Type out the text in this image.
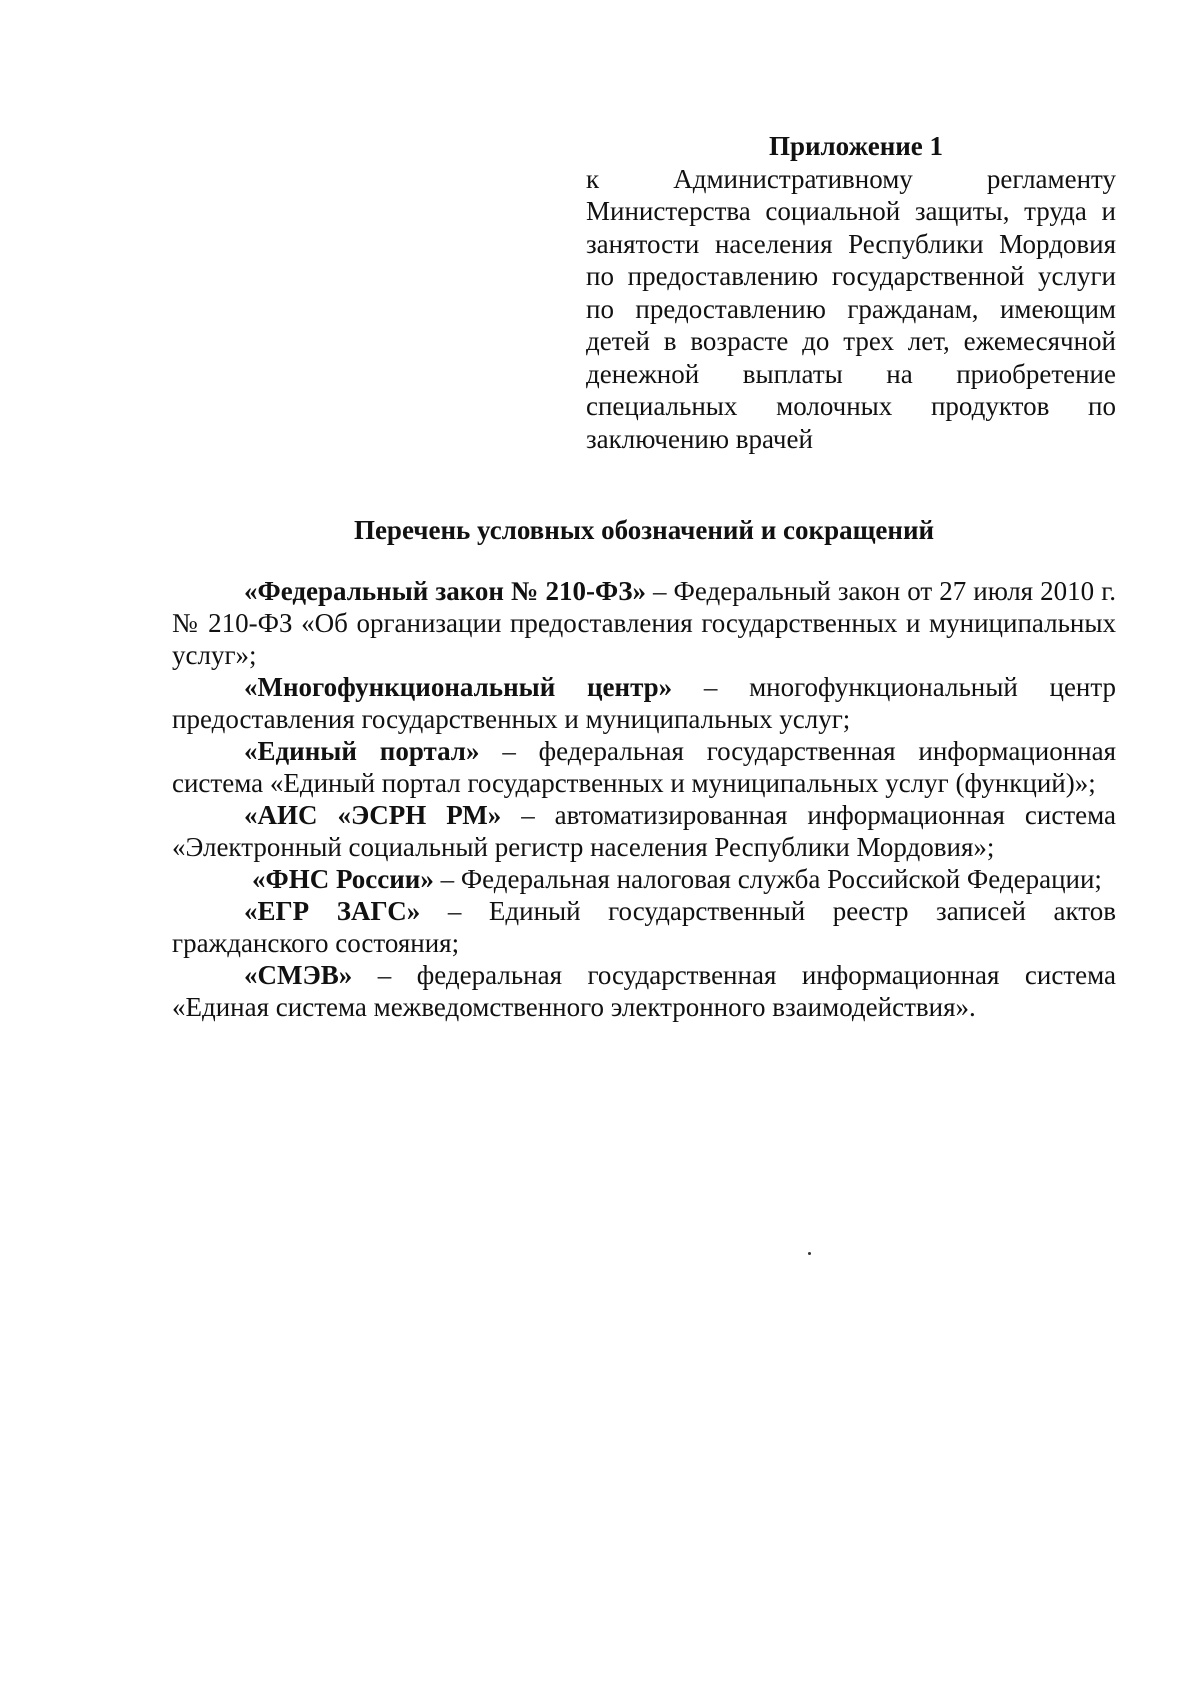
Приложение 1

к Административному регламенту Министерства социальной защиты, труда и занятости населения Республики Мордовия по предоставлению государственной услуги по предоставлению гражданам, имеющим детей в возрасте до трех лет, ежемесячной денежной выплаты на приобретение специальных молочных продуктов по заключению врачей

Перечень условных обозначений и сокращений

«Федеральный закон № 210-ФЗ» – Федеральный закон от 27 июля 2010 г. № 210-ФЗ «Об организации предоставления государственных и муниципальных услуг»;

«Многофункциональный центр» – многофункциональный центр предоставления государственных и муниципальных услуг;

«Единый портал» – федеральная государственная информационная система «Единый портал государственных и муниципальных услуг (функций)»;

«АИС «ЭСРН РМ» – автоматизированная информационная система «Электронный социальный регистр населения Республики Мордовия»;

«ФНС России» – Федеральная налоговая служба Российской Федерации;

«ЕГР ЗАГС» – Единый государственный реестр записей актов гражданского состояния;

«СМЭВ» – федеральная государственная информационная система «Единая система межведомственного электронного взаимодействия».
